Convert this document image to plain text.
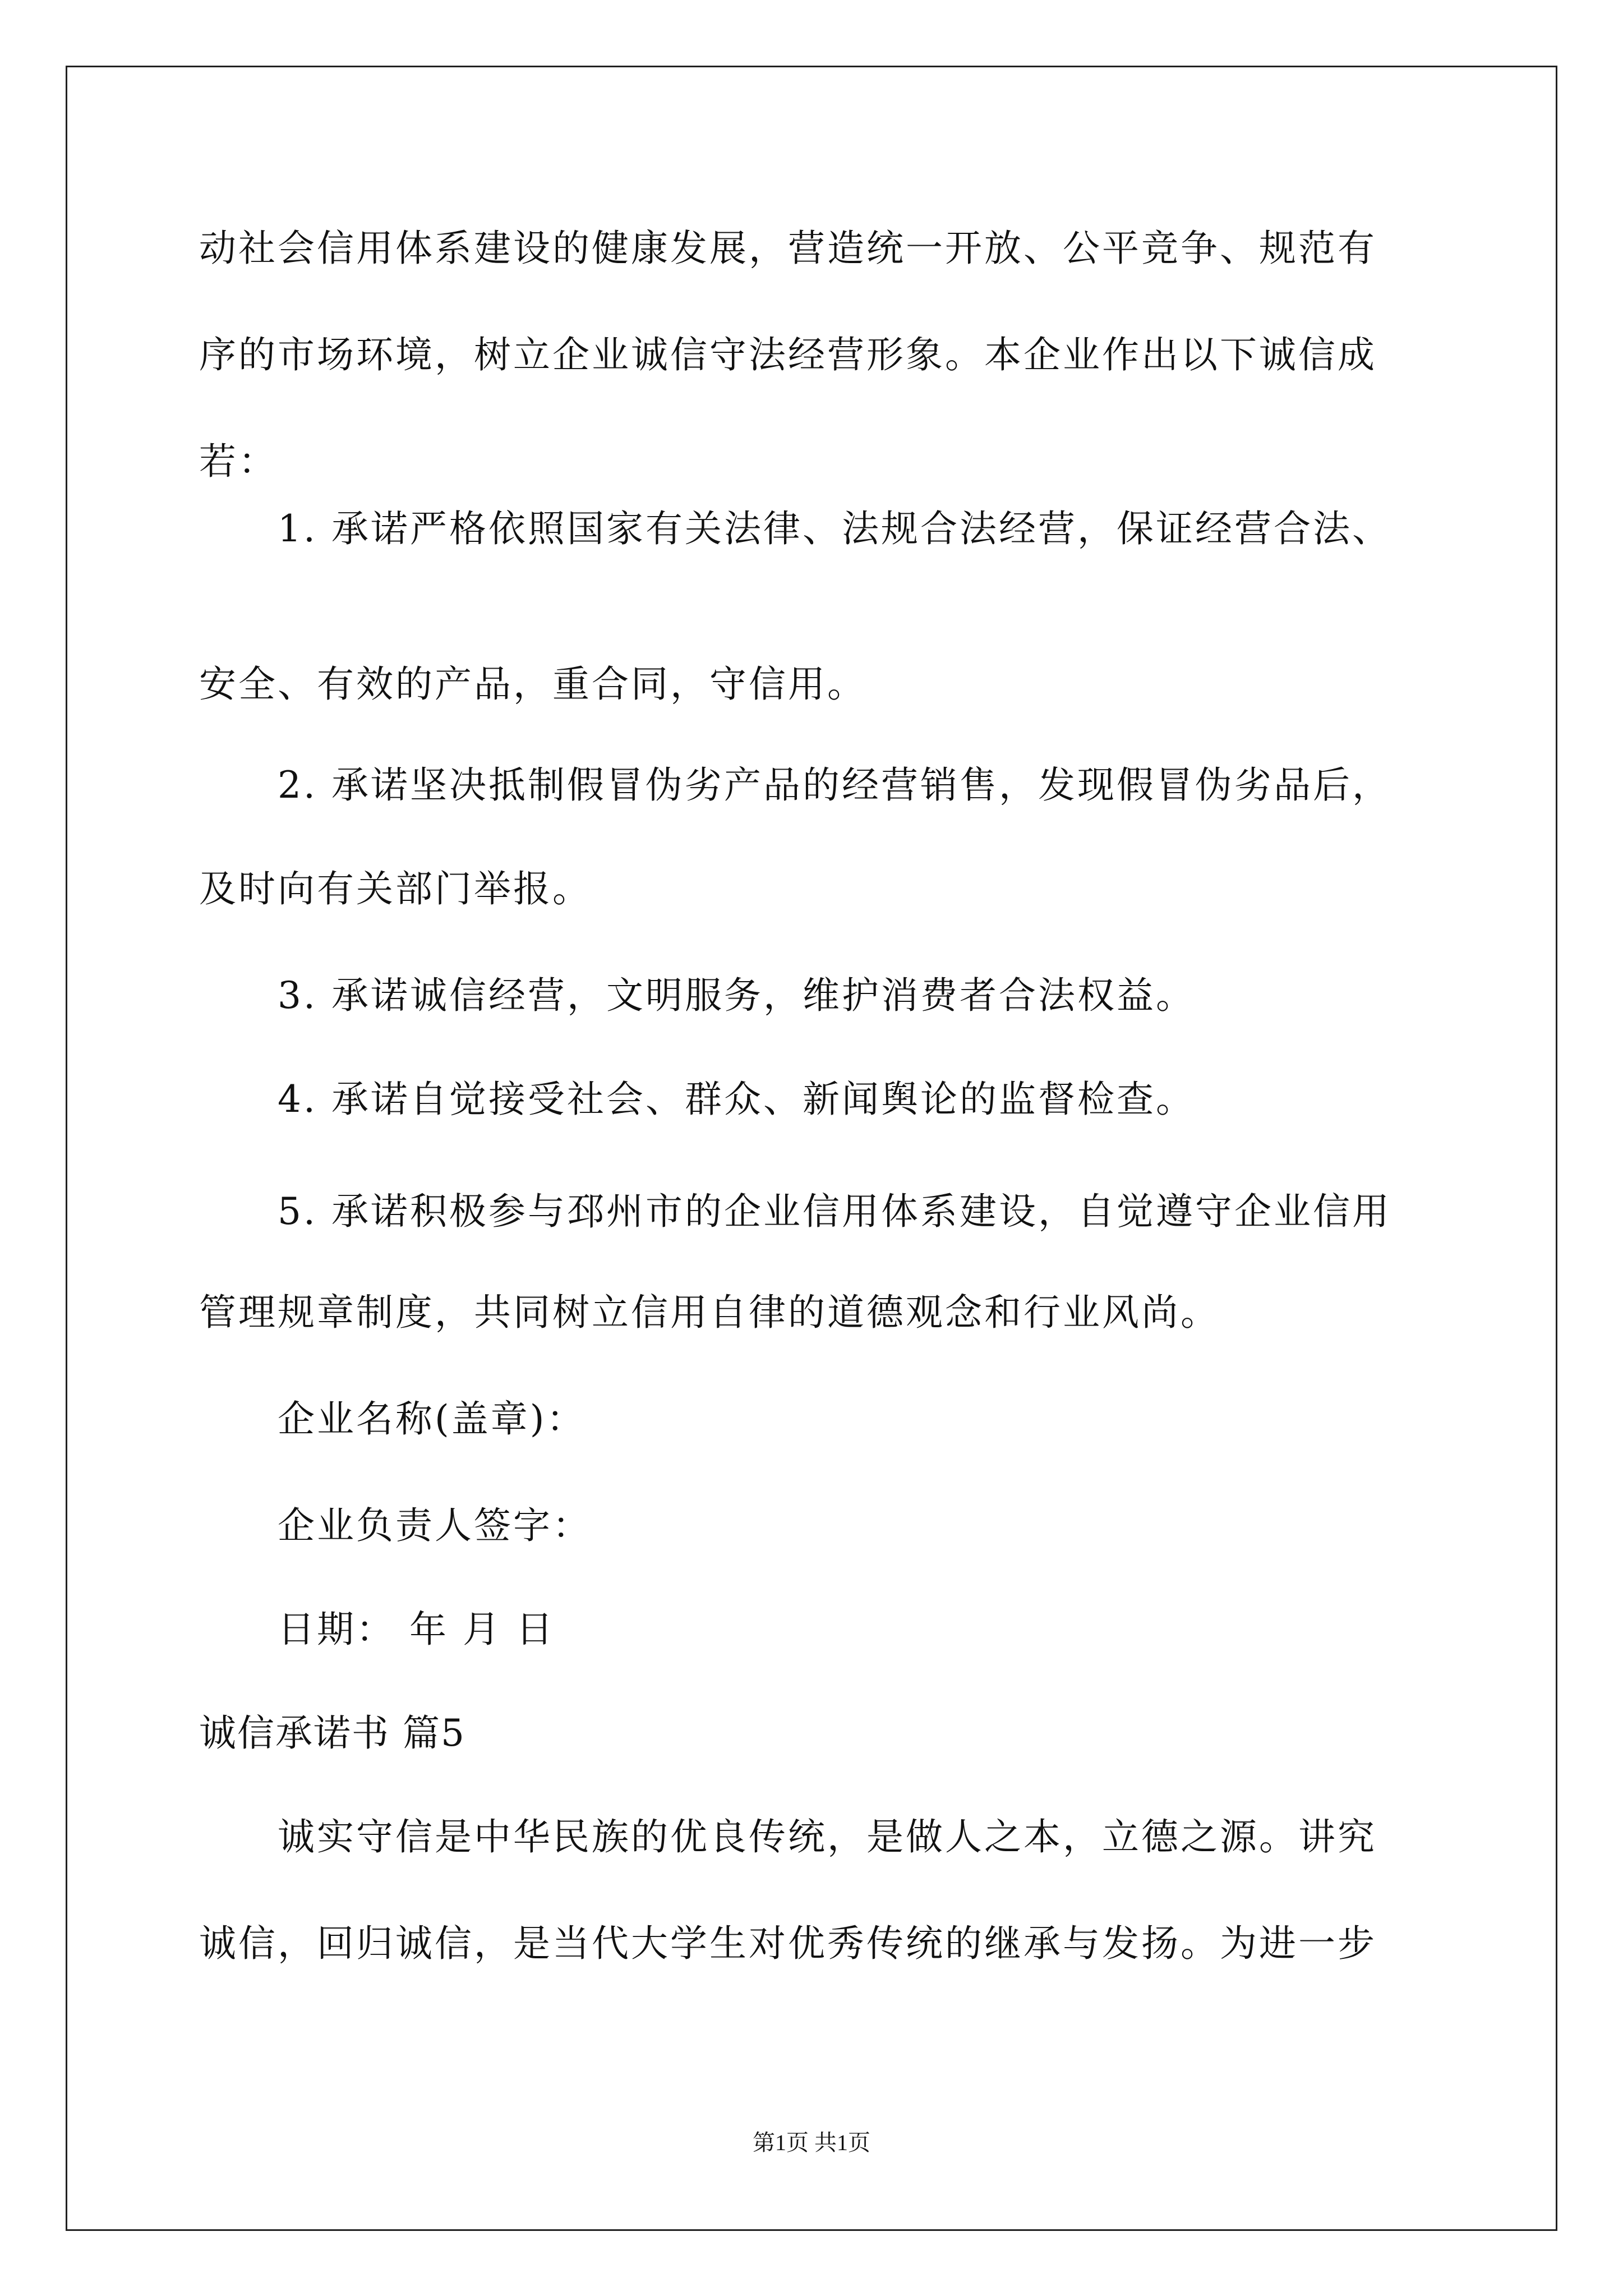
动社会信用体系建设的健康发展，营造统一开放、公平竞争、规范有
序的市场环境，树立企业诚信守法经营形象。本企业作出以下诚信成
若：
1. 承诺严格依照国家有关法律、法规合法经营，保证经营合法、
安全、有效的产品，重合同，守信用。
2. 承诺坚决抵制假冒伪劣产品的经营销售，发现假冒伪劣品后，
及时向有关部门举报。
3. 承诺诚信经营，文明服务，维护消费者合法权益。
4. 承诺自觉接受社会、群众、新闻舆论的监督检查。
5. 承诺积极参与邳州市的企业信用体系建设，自觉遵守企业信用
管理规章制度，共同树立信用自律的道德观念和行业风尚。
企业名称(盖章)：
企业负责人签字：
日期： 年 月 日
诚信承诺书 篇5
诚实守信是中华民族的优良传统，是做人之本，立德之源。讲究
诚信，回归诚信，是当代大学生对优秀传统的继承与发扬。为进一步
第1页 共1页
